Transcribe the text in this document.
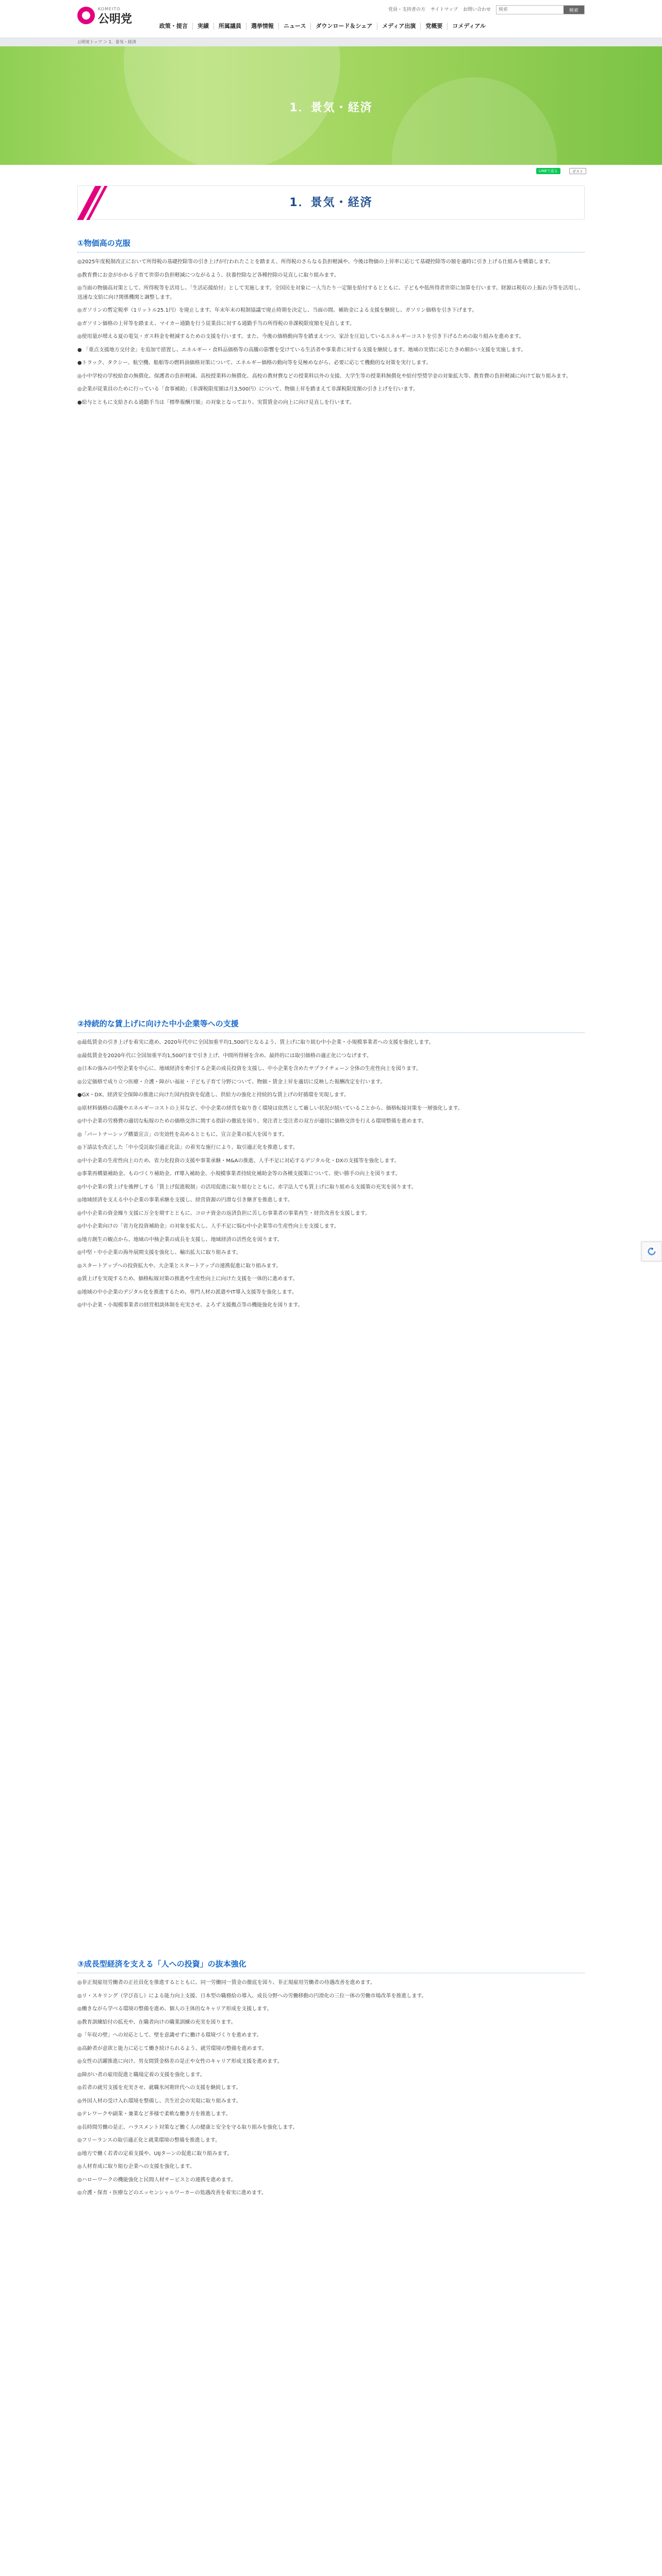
KOMEITO
公明党
党員・支持者の方 サイトマップ お問い合わせ
検索	検索
政策・提言	実績	所属議員	選挙情報	ニュース	ダウンロード＆シェア	メディア出演	党概要	コメディアル
公明党トップ ＞ 1．景気・経済
1．景気・経済
LINEで送る	ポスト
1．景気・経済
①物価高の克服

◎2025年度税制改正において所得税の基礎控除等の引き上げが行われたことを踏まえ、所得税のさらなる負担軽減や、今後は物価の上昇率に応じて基礎控除等の額を適時に引き上げる仕組みを構築します。

◎教育費にお金がかかる子育て世帯の負担軽減につながるよう、扶養控除など各種控除の見直しに取り組みます。

◎当面の物価高対策として、所得税等を活用し、「生活応援給付」として実施します。全国民を対象に一人当たり一定額を給付するとともに、子どもや低所得者世帯に加算を行います。財源は税収の上振れ分等を活用し、迅速な支給に向け関係機関と調整します。

◎ガソリンの暫定税率（1リットル25.1円）を廃止します。年末年末の税制協議で廃止時期を決定し、当面の間、補助金による支援を継続し、ガソリン価格を引き下げます。

◎ガソリン価格の上昇等を踏まえ、マイカー通勤を行う従業員に対する通勤手当の所得税の非課税限度額を見直します。

◎使用量が増える夏の電気・ガス料金を軽減するための支援を行います。また、今後の価格動向等を踏まえつつ、家計を圧迫しているエネルギーコストを引き下げるための取り組みを進めます。

● 「重点支援地方交付金」を追加で措置し、エネルギー・食料品価格等の高騰の影響を受けている生活者や事業者に対する支援を継続します。地域の実情に応じたきめ細かい支援を実施します。

●トラック、タクシー、航空機、船舶等の燃料油価格対策について、エネルギー価格の動向等を見極めながら、必要に応じて機動的な対策を実行します。

◎小中学校の学校給食の無償化、保護者の負担軽減、高校授業料の無償化、高校の教材費などの授業料以外の支援、大学生等の授業料無償化や給付型奨学金の対象拡大等、教育費の負担軽減に向けて取り組みます。

◎企業が従業員のために行っている「食事補助」（非課税限度額は月3,500円）について、物価上昇を踏まえて非課税限度額の引き上げを行います。

●給与とともに支給される通勤手当は「標準報酬月額」の対象となっており、実質賃金の向上に向け見直しを行います。

②持続的な賃上げに向けた中小企業等への支援

◎最低賃金の引き上げを着実に進め、2020年代中に全国加重平均1,500円となるよう、賃上げに取り組む中小企業・小規模事業者への支援を強化します。

◎最低賃金を2020年代に全国加重平均1,500円まで引き上げ、中間所得層を含め、最終的には取引価格の適正化につなげます。

◎日本の強みの中堅企業を中心に、地域経済を牽引する企業の成長投資を支援し、中小企業を含めたサプライチェーン全体の生産性向上を図ります。

◎公定価格で成り立つ医療・介護・障がい福祉・子ども子育て分野について、物価・賃金上昇を適切に反映した報酬改定を行います。

●GX・DX、経済安全保障の推進に向けた国内投資を促進し、供給力の強化と持続的な賃上げの好循環を実現します。

◎原材料価格の高騰やエネルギーコストの上昇など、中小企業の経営を取り巻く環境は依然として厳しい状況が続いていることから、価格転嫁対策を一層強化します。

◎中小企業の労務費の適切な転嫁のための価格交渉に関する指針の徹底を図り、発注者と受注者の双方が適切に価格交渉を行える環境整備を進めます。

◎「パートナーシップ構築宣言」の実効性を高めるとともに、宣言企業の拡大を図ります。

◎下請法を改正した「中小受託取引適正化法」の着実な施行により、取引適正化を推進します。

◎中小企業の生産性向上のため、省力化投資の支援や事業承継・M&Aの推進、人手不足に対応するデジタル化・DXの支援等を強化します。

◎事業再構築補助金、ものづくり補助金、IT導入補助金、小規模事業者持続化補助金等の各種支援策について、使い勝手の向上を図ります。

◎中小企業の賃上げを後押しする「賃上げ促進税制」の活用促進に取り組むとともに、赤字法人でも賃上げに取り組める支援策の充実を図ります。

◎地域経済を支える中小企業の事業承継を支援し、経営資源の円滑な引き継ぎを推進します。

◎中小企業の資金繰り支援に万全を期すとともに、コロナ資金の返済負担に苦しむ事業者の事業再生・経営改善を支援します。

◎中小企業向けの「省力化投資補助金」の対象を拡大し、人手不足に悩む中小企業等の生産性向上を支援します。

◎地方創生の観点から、地域の中核企業の成長を支援し、地域経済の活性化を図ります。

◎中堅・中小企業の海外展開支援を強化し、輸出拡大に取り組みます。

◎スタートアップへの投資拡大や、大企業とスタートアップの連携促進に取り組みます。

◎賃上げを実現するため、価格転嫁対策の推進や生産性向上に向けた支援を一体的に進めます。

◎地域の中小企業のデジタル化を推進するため、専門人材の派遣やIT導入支援等を強化します。

◎中小企業・小規模事業者の経営相談体制を充実させ、よろず支援拠点等の機能強化を図ります。

③成長型経済を支える「人への投資」の抜本強化

◎非正規雇用労働者の正社員化を推進するとともに、同一労働同一賃金の徹底を図り、非正規雇用労働者の待遇改善を進めます。

◎リ・スキリング（学び直し）による能力向上支援、日本型の職務給の導入、成長分野への労働移動の円滑化の三位一体の労働市場改革を推進します。

◎働きながら学べる環境の整備を進め、個人の主体的なキャリア形成を支援します。

◎教育訓練給付の拡充や、在職者向けの職業訓練の充実を図ります。

◎「年収の壁」への対応として、壁を意識せずに働ける環境づくりを進めます。

◎高齢者が意欲と能力に応じて働き続けられるよう、就労環境の整備を進めます。

◎女性の活躍推進に向け、男女間賃金格差の是正や女性のキャリア形成支援を進めます。

◎障がい者の雇用促進と職場定着の支援を強化します。

◎若者の就労支援を充実させ、就職氷河期世代への支援を継続します。

◎外国人材の受け入れ環境を整備し、共生社会の実現に取り組みます。

◎テレワークや副業・兼業など多様で柔軟な働き方を推進します。

◎長時間労働の是正、ハラスメント対策など働く人の健康と安全を守る取り組みを強化します。

◎フリーランスの取引適正化と就業環境の整備を推進します。

◎地方で働く若者の定着支援や、UIJターンの促進に取り組みます。

◎人材育成に取り組む企業への支援を強化します。

◎ハローワークの機能強化と民間人材サービスとの連携を進めます。

◎介護・保育・医療などのエッセンシャルワーカーの処遇改善を着実に進めます。
